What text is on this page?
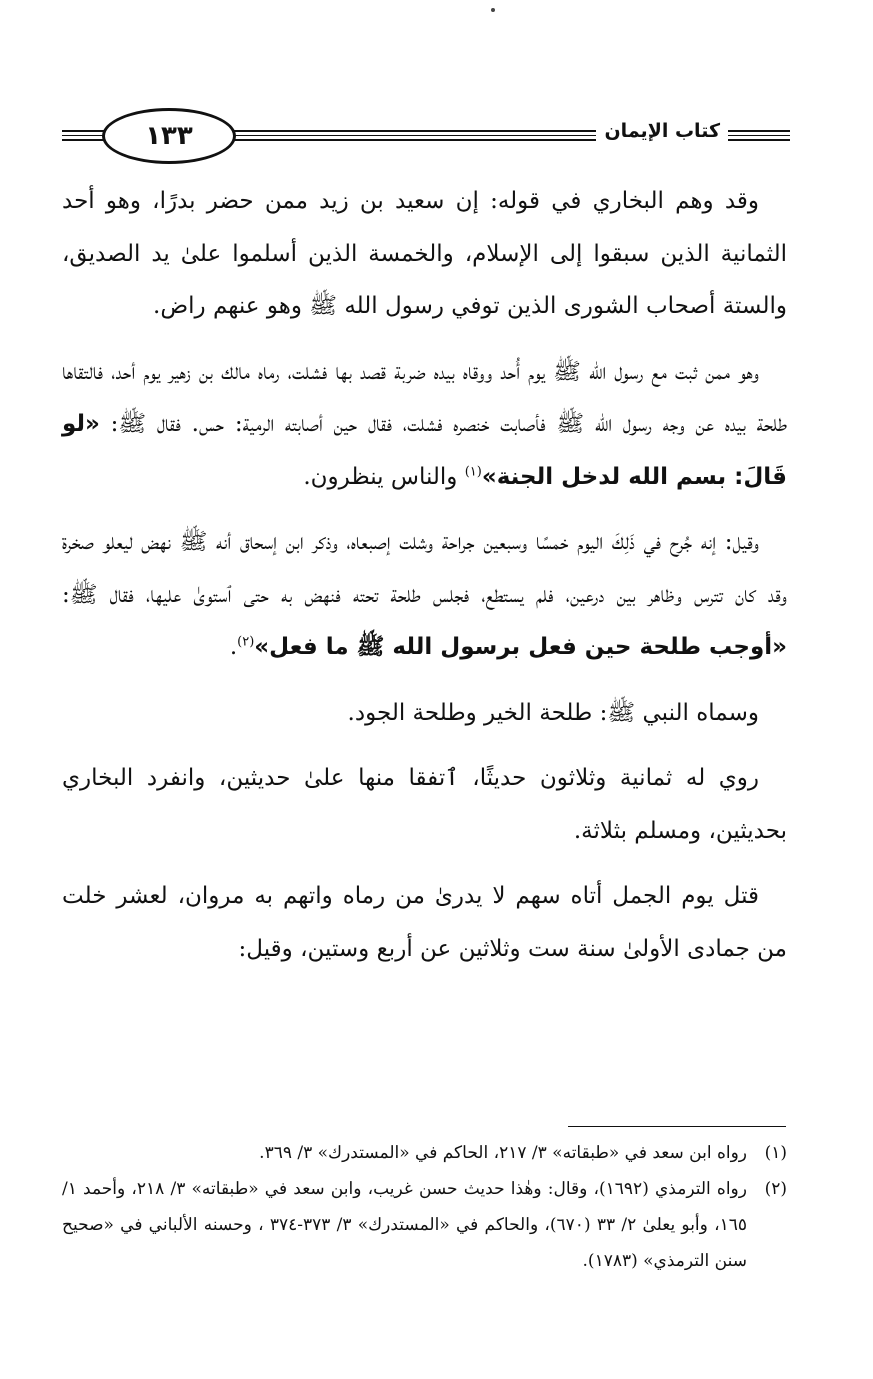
١٣٣	كتاب الإيمان

وقد وهم البخاري في قوله: إن سعيد بن زيد ممن حضر بدرًا، وهو أحد الثمانية الذين سبقوا إلى الإسلام، والخمسة الذين أسلموا علىٰ يد الصديق، والستة أصحاب الشورى الذين توفي رسول الله ﷺ وهو عنهم راض.

وهو ممن ثبت مع رسول الله ﷺ يوم أُحد ووقاه بيده ضربة قصد بها فشلت، رماه مالك بن زهير يوم أحد، فالتقاها طلحة بيده عن وجه رسول الله ﷺ فأصابت خنصره فشلت، فقال حين أصابته الرمية: حس. فقال ﷺ: «لو قَالَ: بسم الله لدخل الجنة»$^{(١)}$ والناس ينظرون.

وقيل: إنه جُرح في ذَلِكَ اليوم خمسًا وسبعين جراحة وشلت إصبعاه، وذكر ابن إسحاق أنه ﷺ نهض ليعلو صخرة وقد كان تترس وظاهر بين درعين، فلم يستطع، فجلس طلحة تحته فنهض به حتى ٱستوىٰ عليها، فقال ﷺ: «أوجب طلحة حين فعل برسول الله ﷺ ما فعل»$^{(٢)}$.

وسماه النبي ﷺ: طلحة الخير وطلحة الجود.

روي له ثمانية وثلاثون حديثًا، ٱتفقا منها علىٰ حديثين، وانفرد البخاري بحديثين، ومسلم بثلاثة.

قتل يوم الجمل أتاه سهم لا يدرىٰ من رماه واتهم به مروان، لعشر خلت من جمادى الأولىٰ سنة ست وثلاثين عن أربع وستين، وقيل:

(١)
رواه ابن سعد في «طبقاته» ٣/ ٢١٧، الحاكم في «المستدرك» ٣/ ٣٦٩.
(٢)
رواه الترمذي (١٦٩٢)، وقال: وهٰذا حديث حسن غريب، وابن سعد في «طبقاته» ٣/ ٢١٨، وأحمد ١/ ١٦٥، وأبو يعلىٰ ٢/ ٣٣ (٦٧٠)، والحاكم في «المستدرك» ٣/ ٣٧٣-٣٧٤ ، وحسنه الألباني في «صحيح سنن الترمذي» (١٧٨٣).
